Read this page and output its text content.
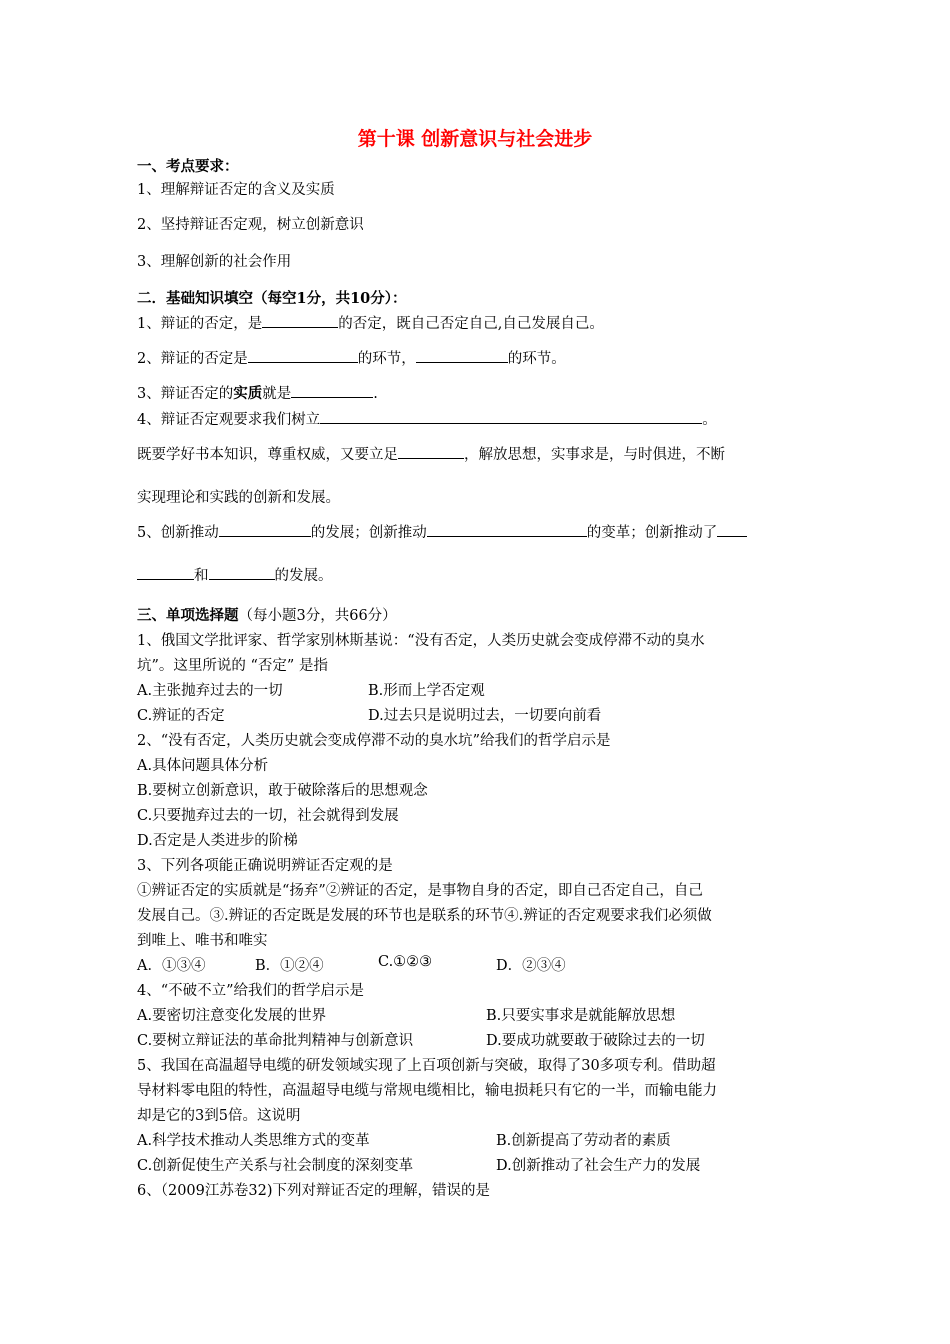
第十课 创新意识与社会进步
一、考点要求：
1、理解辩证否定的含义及实质
2、坚持辩证否定观，树立创新意识
3、理解创新的社会作用
二．基础知识填空（每空1分，共10分）：
1、辩证的否定，是	的否定，既自己否定自己,自己发展自己。
2、辩证的否定是	的环节，	的环节。
3、辩证否定的实质就是	.
4、辩证否定观要求我们树立	。
既要学好书本知识，尊重权威，又要立足	，解放思想，实事求是，与时俱进，不断
实现理论和实践的创新和发展。
5、创新推动	的发展；创新推动	的变革；创新推动了
和	的发展。
三、单项选择题（每小题3分，共66分）
1、俄国文学批评家、哲学家别林斯基说：“没有否定，人类历史就会变成停滞不动的臭水
坑”。这里所说的 “否定” 是指
A.主张抛弃过去的一切	B.形而上学否定观
C.辨证的否定	D.过去只是说明过去，一切要向前看
2、“没有否定，人类历史就会变成停滞不动的臭水坑”给我们的哲学启示是
A.具体问题具体分析
B.要树立创新意识，敢于破除落后的思想观念
C.只要抛弃过去的一切，社会就得到发展
D.否定是人类进步的阶梯
3、下列各项能正确说明辨证否定观的是
①辨证否定的实质就是“扬弃”②辨证的否定，是事物自身的否定，即自己否定自己，自己
发展自己。③.辨证的否定既是发展的环节也是联系的环节④.辨证的否定观要求我们必须做
到唯上、唯书和唯实
A．①③④	B．①②④	C.①②③	D．②③④
4、“不破不立”给我们的哲学启示是
A.要密切注意变化发展的世界	B.只要实事求是就能解放思想
C.要树立辩证法的革命批判精神与创新意识	D.要成功就要敢于破除过去的一切
5、我国在高温超导电缆的研发领域实现了上百项创新与突破，取得了30多项专利。借助超
导材料零电阻的特性，高温超导电缆与常规电缆相比，输电损耗只有它的一半，而输电能力
却是它的3到5倍。这说明
A.科学技术推动人类思维方式的变革	B.创新提高了劳动者的素质
C.创新促使生产关系与社会制度的深刻变革	D.创新推动了社会生产力的发展
6、（2009江苏卷32)下列对辩证否定的理解，错误的是
